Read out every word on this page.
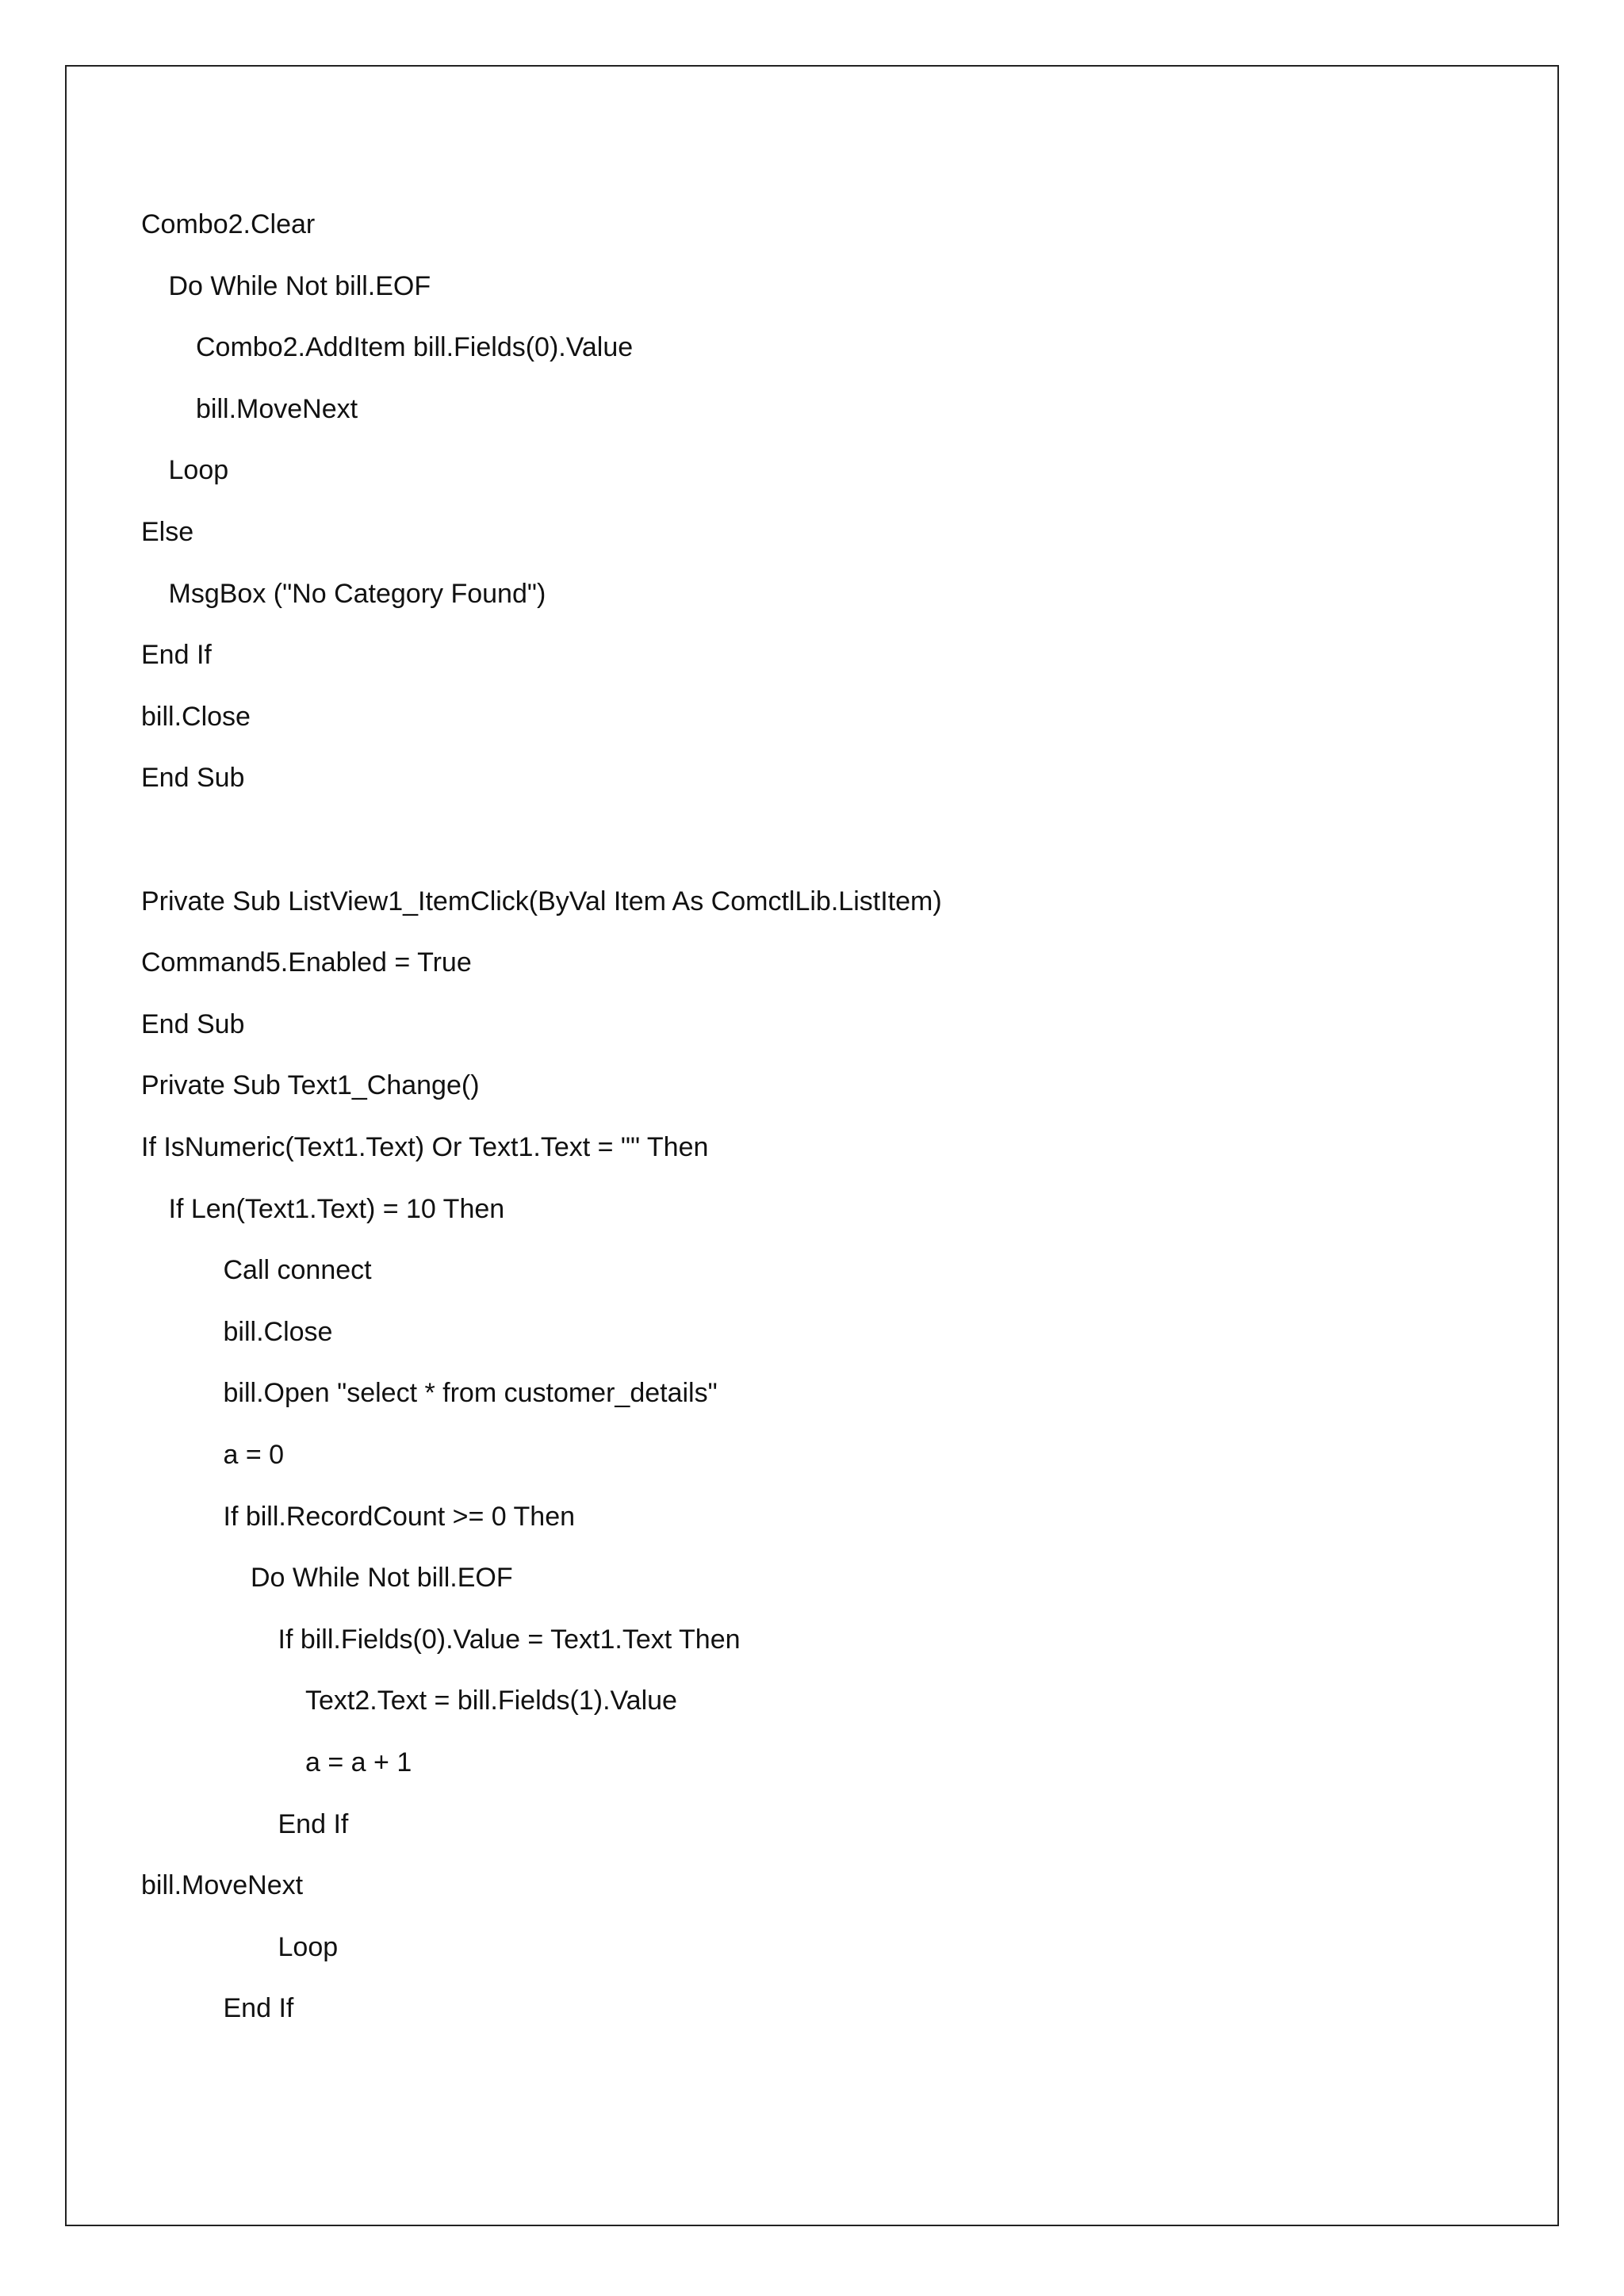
Combo2.Clear
Do While Not bill.EOF
Combo2.AddItem bill.Fields(0).Value
bill.MoveNext
Loop
Else
MsgBox ("No Category Found")
End If
bill.Close
End Sub
Private Sub ListView1_ItemClick(ByVal Item As ComctlLib.ListItem)
Command5.Enabled = True
End Sub
Private Sub Text1_Change()
If IsNumeric(Text1.Text) Or Text1.Text = "" Then
If Len(Text1.Text) = 10 Then
Call connect
bill.Close
bill.Open "select * from customer_details"
a = 0
If bill.RecordCount >= 0 Then
Do While Not bill.EOF
If bill.Fields(0).Value = Text1.Text Then
Text2.Text = bill.Fields(1).Value
a = a + 1
End If
bill.MoveNext
Loop
End If
